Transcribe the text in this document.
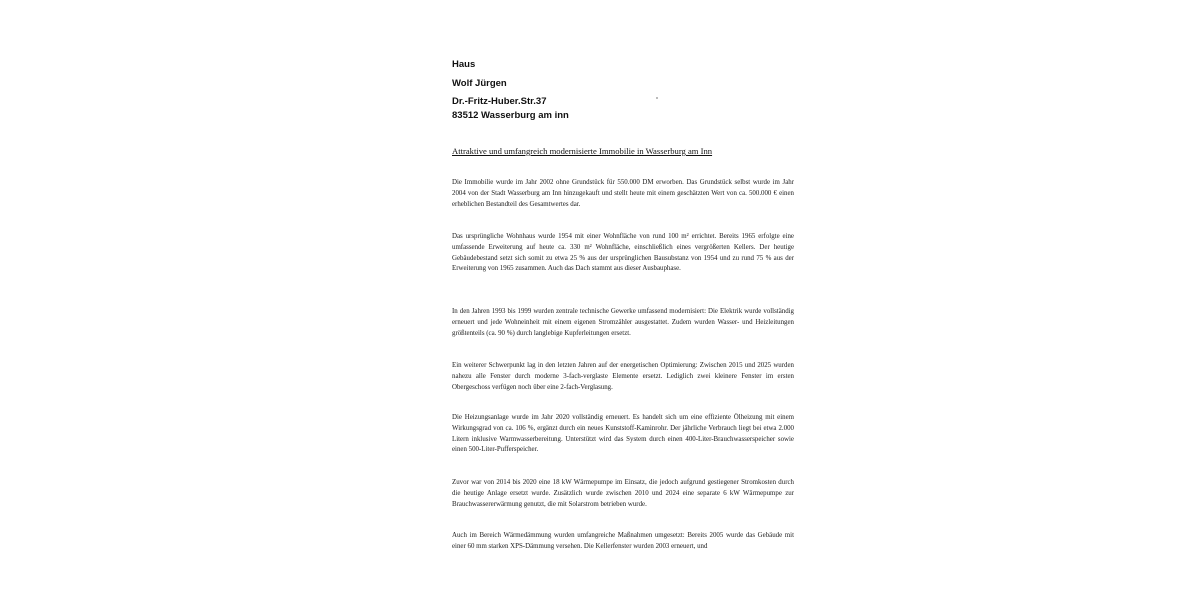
Haus
Wolf Jürgen
Dr.-Fritz-Huber.Str.37
83512 Wasserburg am inn
Attraktive und umfangreich modernisierte Immobilie in Wasserburg am Inn

Die Immobilie wurde im Jahr 2002 ohne Grundstück für 550.000 DM erworben. Das Grundstück selbst wurde im Jahr 2004 von der Stadt Wasserburg am Inn hinzugekauft und stellt heute mit einem geschätzten Wert von ca. 500.000 € einen erheblichen Bestandteil des Gesamtwertes dar.

Das ursprüngliche Wohnhaus wurde 1954 mit einer Wohnfläche von rund 100 m² errichtet. Bereits 1965 erfolgte eine umfassende Erweiterung auf heute ca. 330 m² Wohnfläche, einschließlich eines vergrößerten Kellers. Der heutige Gebäudebestand setzt sich somit zu etwa 25 % aus der ursprünglichen Bausubstanz von 1954 und zu rund 75 % aus der Erweiterung von 1965 zusammen. Auch das Dach stammt aus dieser Ausbauphase.

In den Jahren 1993 bis 1999 wurden zentrale technische Gewerke umfassend modernisiert: Die Elektrik wurde vollständig erneuert und jede Wohneinheit mit einem eigenen Stromzähler ausgestattet. Zudem wurden Wasser- und Heizleitungen größtenteils (ca. 90 %) durch langlebige Kupferleitungen ersetzt.

Ein weiterer Schwerpunkt lag in den letzten Jahren auf der energetischen Optimierung: Zwischen 2015 und 2025 wurden nahezu alle Fenster durch moderne 3-fach-verglaste Elemente ersetzt. Lediglich zwei kleinere Fenster im ersten Obergeschoss verfügen noch über eine 2-fach-Verglasung.

Die Heizungsanlage wurde im Jahr 2020 vollständig erneuert. Es handelt sich um eine effiziente Ölheizung mit einem Wirkungsgrad von ca. 106 %, ergänzt durch ein neues Kunststoff-Kaminrohr. Der jährliche Verbrauch liegt bei etwa 2.000 Litern inklusive Warmwasserbereitung. Unterstützt wird das System durch einen 400-Liter-Brauchwasserspeicher sowie einen 500-Liter-Pufferspeicher.

Zuvor war von 2014 bis 2020 eine 18 kW Wärmepumpe im Einsatz, die jedoch aufgrund gestiegener Stromkosten durch die heutige Anlage ersetzt wurde. Zusätzlich wurde zwischen 2010 und 2024 eine separate 6 kW Wärmepumpe zur Brauchwassererwärmung genutzt, die mit Solarstrom betrieben wurde.

Auch im Bereich Wärmedämmung wurden umfangreiche Maßnahmen umgesetzt: Bereits 2005 wurde das Gebäude mit einer 60 mm starken XPS-Dämmung versehen. Die Kellerfenster wurden 2003 erneuert, und
